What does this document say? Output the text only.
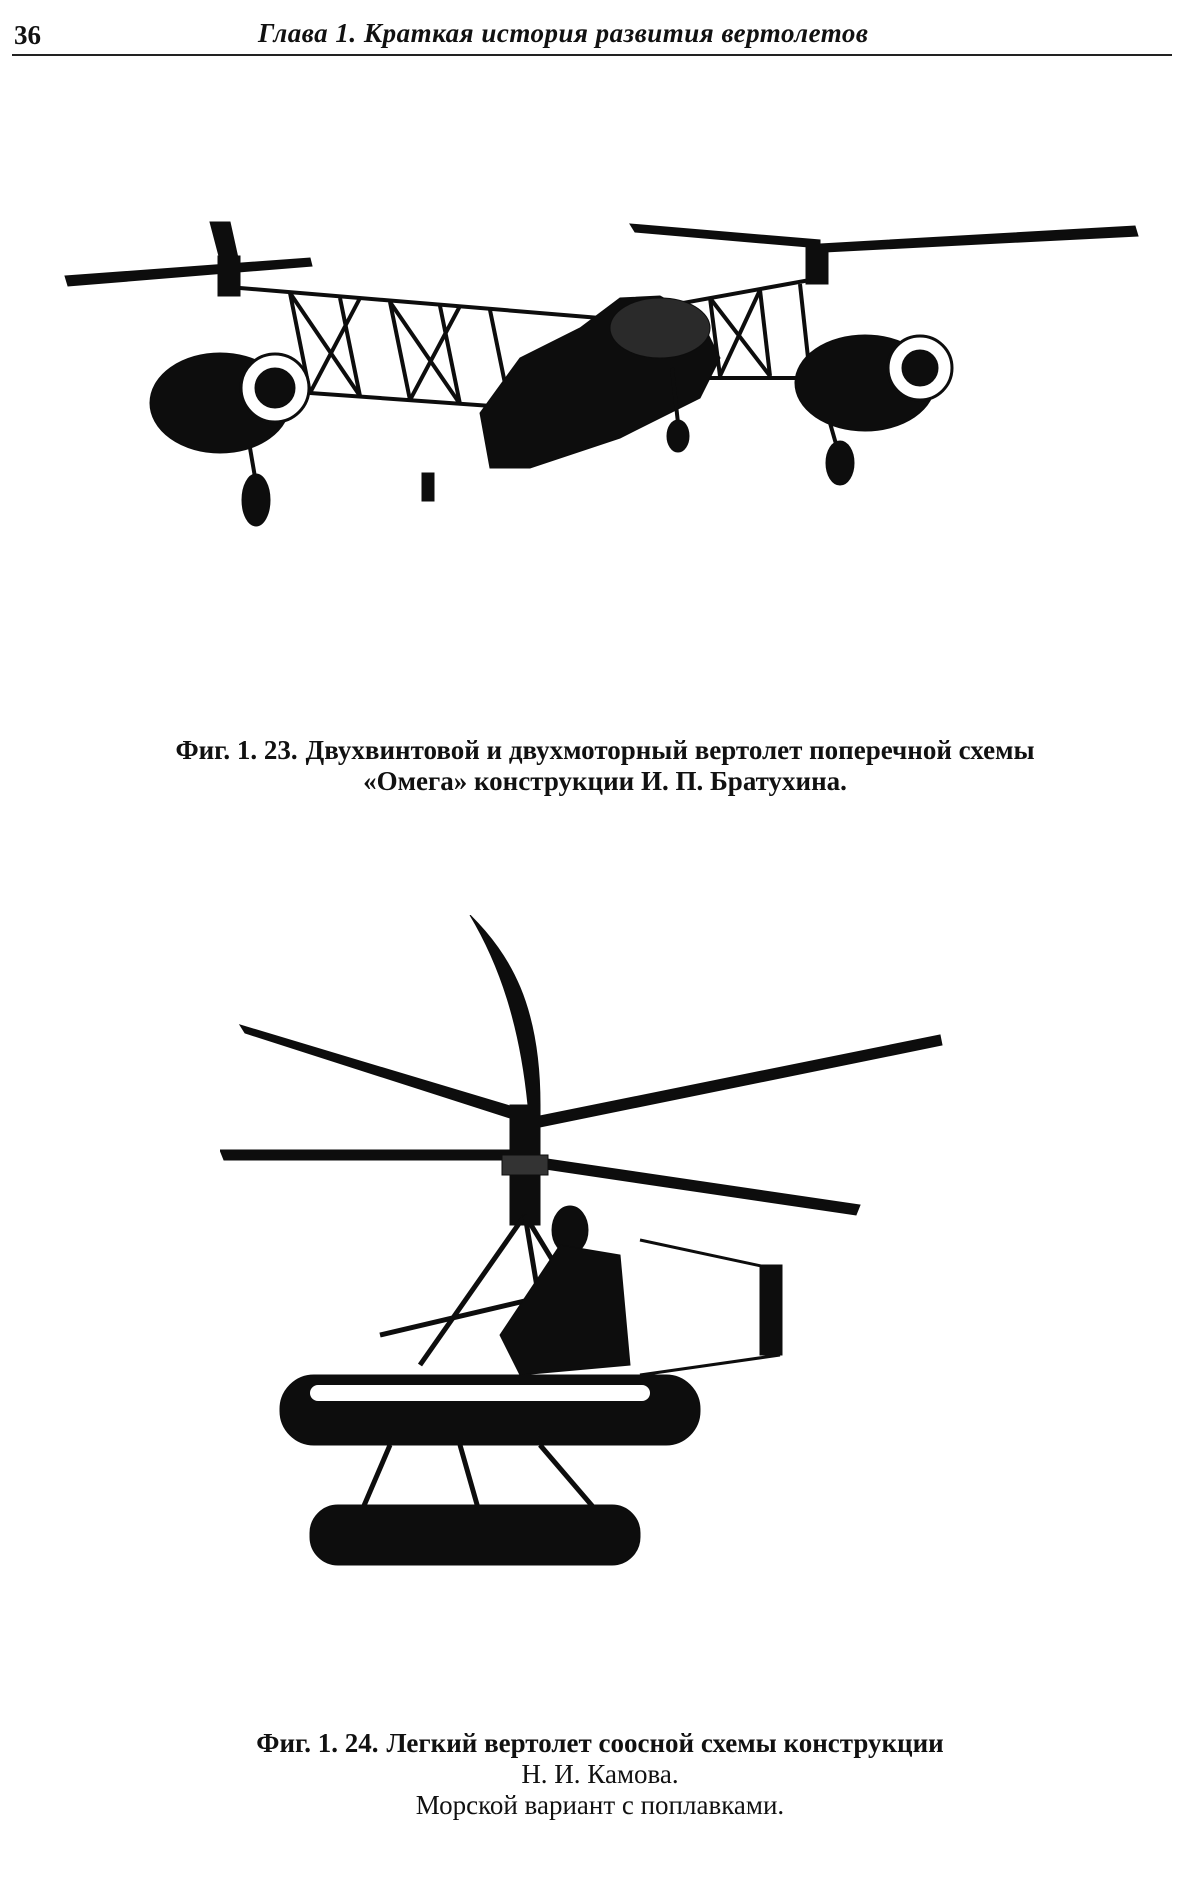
36	Глава 1. Краткая история развития вертолетов
Фиг. 1. 23. Двухвинтовой и двухмоторный вертолет поперечной схемы
«Омега» конструкции И. П. Братухина.
Фиг. 1. 24. Легкий вертолет соосной схемы конструкции
Н. И. Камова.
Морской вариант с поплавками.
